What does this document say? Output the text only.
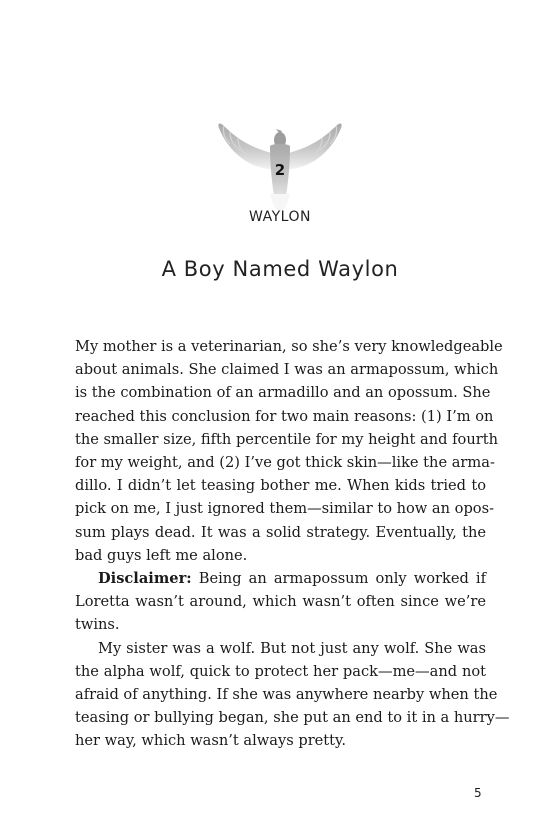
2
WAYLON
A Boy Named Waylon

My mother is a veterinarian, so she’s very knowledgeable

about animals. She claimed I was an armapossum, which

is the combination of an armadillo and an opossum. She

reached this conclusion for two main reasons: (1) I’m on

the smaller size, fifth percentile for my height and fourth

for my weight, and (2) I’ve got thick skin—like the arma-

dillo. I didn’t let teasing bother me. When kids tried to

pick on me, I just ignored them—similar to how an opos-

sum plays dead. It was a solid strategy. Eventually, the

bad guys left me alone.

Disclaimer: Being an armapossum only worked if

Loretta wasn’t around, which wasn’t often since we’re

twins.

My sister was a wolf. But not just any wolf. She was

the alpha wolf, quick to protect her pack—me—and not

afraid of anything. If she was anywhere nearby when the

teasing or bullying began, she put an end to it in a hurry—

her way, which wasn’t always pretty.

5
